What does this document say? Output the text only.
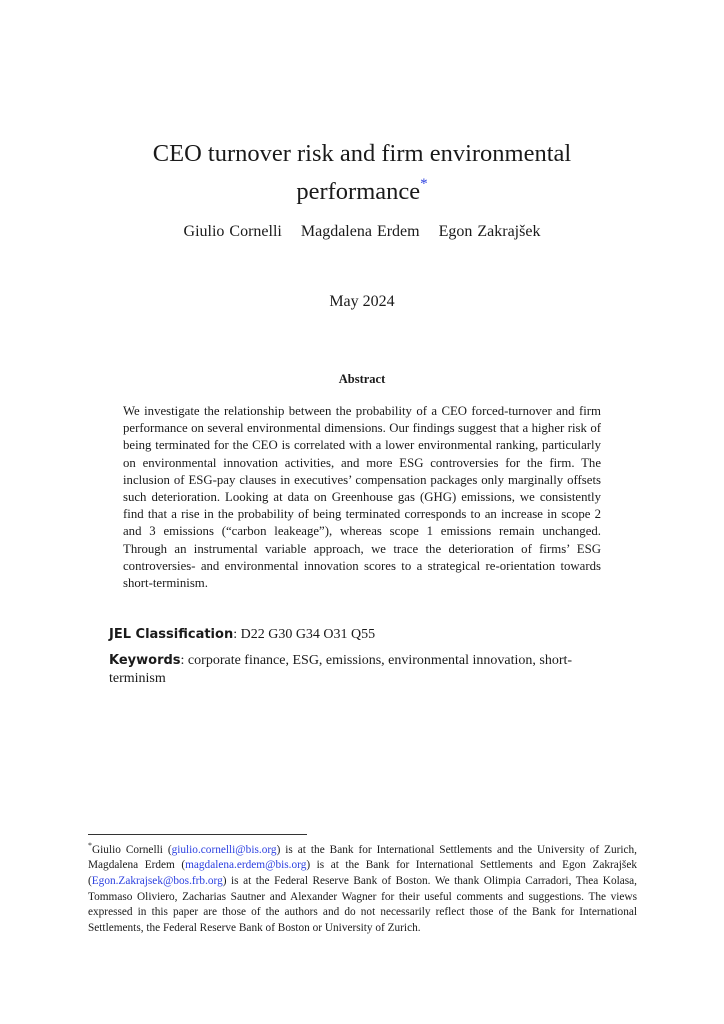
CEO turnover risk and firm environmental
performance*
Giulio Cornelli Magdalena Erdem Egon Zakrajšek
May 2024
Abstract
We investigate the relationship between the probability of a CEO forced-turnover and firm performance on several environmental dimensions. Our findings suggest that a higher risk of being terminated for the CEO is correlated with a lower environmental ranking, particularly on environmental innovation activities, and more ESG controversies for the firm. The inclusion of ESG-pay clauses in executives’ compensation packages only marginally offsets such deterioration. Looking at data on Greenhouse gas (GHG) emissions, we consistently find that a rise in the probability of being terminated corresponds to an increase in scope 2 and 3 emissions (“carbon leakeage”), whereas scope 1 emissions remain unchanged. Through an instrumental variable approach, we trace the deterioration of firms’ ESG controversies- and environmental innovation scores to a strategical re-orientation towards short-terminism.
JEL Classification: D22 G30 G34 O31 Q55
Keywords: corporate finance, ESG, emissions, environmental innovation, short-terminism
*Giulio Cornelli (giulio.cornelli@bis.org) is at the Bank for International Settlements and the University of Zurich, Magdalena Erdem (magdalena.erdem@bis.org) is at the Bank for International Settlements and Egon Zakrajšek (Egon.Zakrajsek@bos.frb.org) is at the Federal Reserve Bank of Boston. We thank Olimpia Carradori, Thea Kolasa, Tommaso Oliviero, Zacharias Sautner and Alexander Wagner for their useful comments and suggestions. The views expressed in this paper are those of the authors and do not necessarily reflect those of the Bank for International Settlements, the Federal Reserve Bank of Boston or University of Zurich.
